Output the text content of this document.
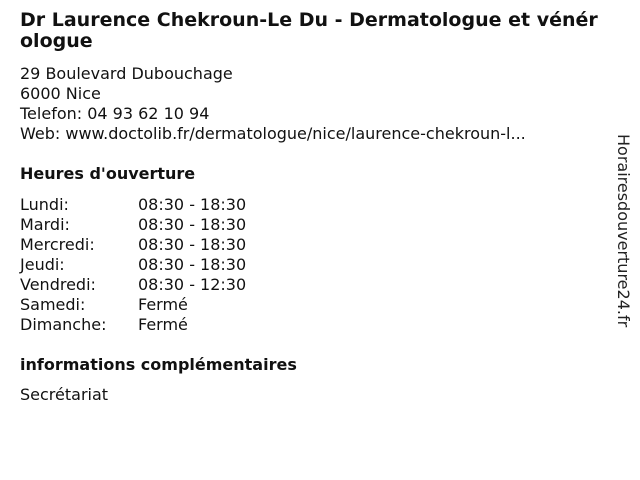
Dr Laurence Chekroun-Le Du - Dermatologue et vénérologue
29 Boulevard Dubouchage
6000 Nice
Telefon: 04 93 62 10 94
Web: www.doctolib.fr/dermatologue/nice/laurence-chekroun-l...
Heures d'ouverture
Lundi:	08:30 - 18:30
Mardi:	08:30 - 18:30
Mercredi:	08:30 - 18:30
Jeudi:	08:30 - 18:30
Vendredi:	08:30 - 12:30
Samedi:	Fermé
Dimanche:	Fermé
informations complémentaires
Secrétariat
Horairesdouverture24.fr
